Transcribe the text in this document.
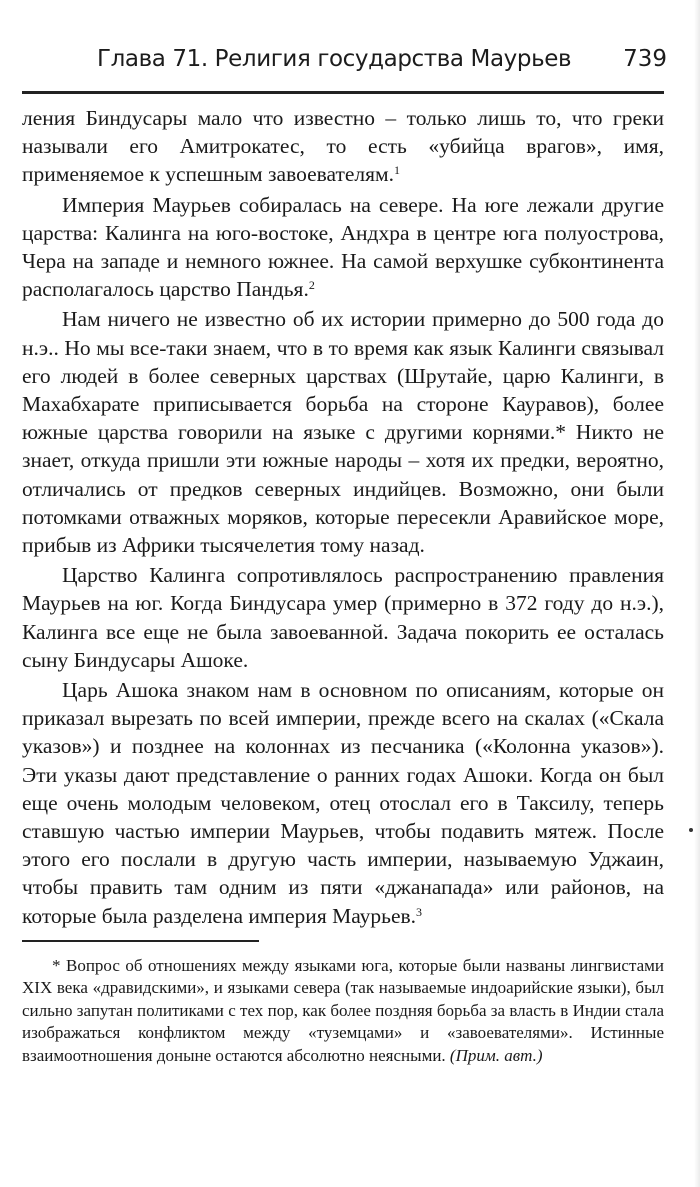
Глава 71. Религия государства Маурьев 739

ления Биндусары мало что известно – только лишь то, что греки называли его Амитрокатес, то есть «убийца врагов», имя, применяемое к успешным завоевателям.$^1$

Империя Маурьев собиралась на севере. На юге лежали другие царства: Калинга на юго-востоке, Андхра в центре юга полуострова, Чера на западе и немного южнее. На самой верхушке субконтинента располагалось царство Пандья.$^2$

Нам ничего не известно об их истории примерно до 500 года до н.э.. Но мы все-таки знаем, что в то время как язык Калинги связывал его людей в более северных царствах (Шрутайе, царю Калинги, в Махабхарате приписывается борьба на стороне Кауравов), более южные царства говорили на языке с другими корнями.* Никто не знает, откуда пришли эти южные народы – хотя их предки, вероятно, отличались от предков северных индийцев. Возможно, они были потомками отважных моряков, которые пересекли Аравийское море, прибыв из Африки тысячелетия тому назад.

Царство Калинга сопротивлялось распространению правления Маурьев на юг. Когда Биндусара умер (примерно в 372 году до н.э.), Калинга все еще не была завоеванной. Задача покорить ее осталась сыну Биндусары Ашоке.

Царь Ашока знаком нам в основном по описаниям, которые он приказал вырезать по всей империи, прежде всего на скалах («Скала указов») и позднее на колоннах из песчаника («Колонна указов»). Эти указы дают представление о ранних годах Ашоки. Когда он был еще очень молодым человеком, отец отослал его в Таксилу, теперь ставшую частью империи Маурьев, чтобы подавить мятеж. После этого его послали в другую часть империи, называемую Уджаин, чтобы править там одним из пяти «джанапада» или районов, на которые была разделена империя Маурьев.$^3$

* Вопрос об отношениях между языками юга, которые были названы лингвистами XIX века «дравидскими», и языками севера (так называемые индоарийские языки), был сильно запутан политиками с тех пор, как более поздняя борьба за власть в Индии стала изображаться конфликтом между «туземцами» и «завоевателями». Истинные взаимоотношения доныне остаются абсолютно неясными. (Прим. авт.)
